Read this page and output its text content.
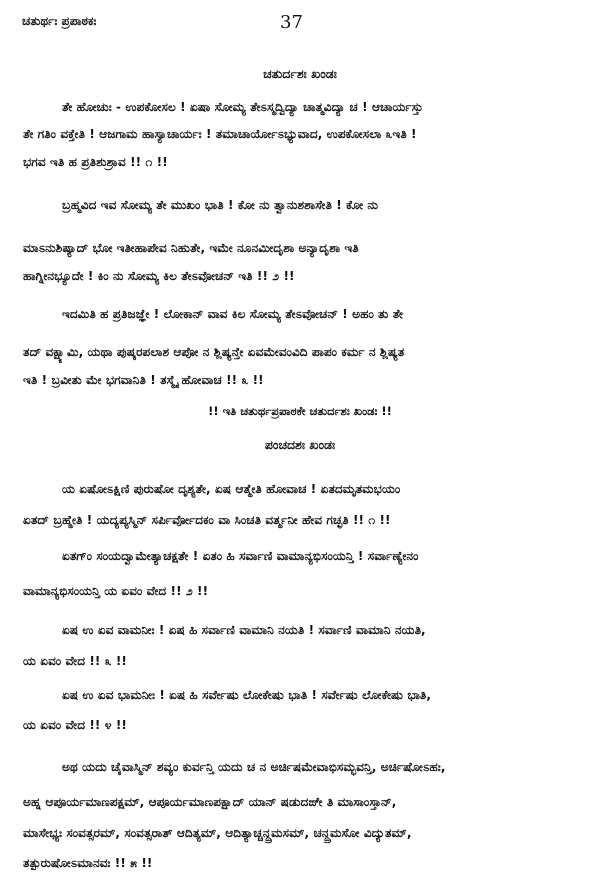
ಚತುರ್ಥಃ ಪ್ರಪಾಠಕಃ	37
ಚತುರ್ದಶಃ ಖಂಡಃ
ತೇ ಹೋಚುಃ - ಉಪಕೋಸಲ ! ಏಷಾ ಸೋಮ್ಯ ತೇಽಸ್ಮದ್ವಿದ್ಯಾ ಚಾತ್ಮವಿದ್ಯಾ ಚ ! ಆಚಾರ್ಯಸ್ತು
ತೇ ಗತಿಂ ವಕ್ತೇತಿ ! ಆಜಗಾಮ ಹಾಸ್ಯಾಚಾರ್ಯಃ ! ತಮಾಚಾರ್ಯೋಽಭ್ಯುವಾದ, ಉಪಕೋಸಲಾ ೩ಇತಿ !
ಭಗವ ಇತಿ ಹ ಪ್ರತಿಶುಶ್ರಾವ !! ೧ !!
ಬ್ರಹ್ಮವಿದ ಇವ ಸೋಮ್ಯ ತೇ ಮುಖಂ ಭಾತಿ ! ಕೋ ನು ತ್ವಾನುಶಶಾಸೇತಿ ! ಕೋ ನು
ಮಾಽನುಶಿಷ್ಯಾದ್ ಭೋ ಇತೀಹಾಪೇವ ನಿಹುತೇ, ಇಮೇ ನೂನಮೀದೃಶಾ ಅನ್ಯಾದೃಶಾ ಇತಿ
ಹಾಗ್ನೀನಭ್ಯೂದೇ ! ಕಿಂ ನು ಸೋಮ್ಯ ಕಿಲ ತೇಽವೋಚನ್ ಇತಿ !! ೨ !!
ಇದಮಿತಿ ಹ ಪ್ರತಿಜಜ್ಞೇ ! ಲೋಕಾನ್ ವಾವ ಕಿಲ ಸೋಮ್ಯ ತೇಽವೋಚನ್ ! ಅಹಂ ತು ತೇ
ತದ್ ವಕ್ಷ್ಯಾಮಿ, ಯಥಾ ಪುಷ್ಕರಪಲಾಶ ಆಪೋ ನ ಶ್ಲಿಷ್ಯನ್ತೇ ಏವಮೇವಂವಿದಿ ಪಾಪಂ ಕರ್ಮ ನ ಶ್ಲಿಷ್ಯತ
ಇತಿ ! ಬ್ರವೀತು ಮೇ ಭಗವಾನಿತಿ ! ತಸ್ಮೈ ಹೋವಾಚ !! ೩ !!
!! ಇತಿ ಚತುರ್ಥಪ್ರಪಾಠಕೇ ಚತುರ್ದಶಃ ಖಂಡಃ !!
ಪಂಚದಶಃ ಖಂಡಃ
ಯ ಏಷೋಽಕ್ಷಿಣಿ ಪುರುಷೋ ದೃಶ್ಯತೇ, ಏಷ ಆತ್ಮೇತಿ ಹೋವಾಚ ! ಏತದಮೃತಮಭಯಂ
ಏತದ್ ಬ್ರಹ್ಮೇತಿ ! ಯದ್ಯಪ್ಯಸ್ಮಿನ್ ಸರ್ಪಿರ್ವೋದಕಂ ವಾ ಸಿಂಚತಿ ವರ್ತ್ಮನೀ ಹೇವ ಗಚ್ಛತಿ !! ೧ !!
ಏತಗ್ಂ ಸಂಯದ್ವಾಮೇತ್ಯಾಚಕ್ಷತೇ ! ಏತಂ ಹಿ ಸರ್ವಾಣಿ ವಾಮಾನ್ಯಭಿಸಂಯನ್ತಿ ! ಸರ್ವಾಣ್ಯೇನಂ
ವಾಮಾನ್ಯಭಿಸಂಯನ್ತಿ ಯ ಏವಂ ವೇದ !! ೨ !!
ಏಷ ಉ ಏವ ವಾಮನೀಃ ! ಏಷ ಹಿ ಸರ್ವಾಣಿ ವಾಮಾನಿ ನಯತಿ ! ಸರ್ವಾಣಿ ವಾಮಾನಿ ನಯತಿ,
ಯ ಏವಂ ವೇದ !! ೩ !!
ಏಷ ಉ ಏವ ಭಾಮನೀಃ ! ಏಷ ಹಿ ಸರ್ವೇಷು ಲೋಕೇಷು ಭಾತಿ ! ಸರ್ವೇಷು ಲೋಕೇಷು ಭಾತಿ,
ಯ ಏವಂ ವೇದ !! ೪ !!
ಅಥ ಯದು ಚೈವಾಸ್ಮಿನ್ ಶವ್ಯಂ ಕುರ್ವನ್ತಿ ಯದು ಚ ನ ಅರ್ಚಿಷಮೇವಾಭಿಸಮ್ಭವನ್ತಿ, ಅರ್ಚಿಷೋಽಹಃ,
ಅಹ್ನ ಆಪೂರ್ಯಮಾಣಪಕ್ಷಮ್, ಆಪೂರ್ಯಮಾಣಪಕ್ಷಾದ್ ಯಾನ್ ಷಡುದಙೇ ತಿ ಮಾಸಾಂಸ್ತಾನ್,
ಮಾಸೇಭ್ಯಃ ಸಂವತ್ಸರಮ್, ಸಂವತ್ಸರಾತ್ ಆದಿತ್ಯಮ್, ಆದಿತ್ಯಾಚ್ಚನ್ದ್ರಮಸಮ್, ಚನ್ದ್ರಮಸೋ ವಿದ್ಯುತಮ್,
ತತ್ಪುರುಷೋಽಮಾನವಃ !! ೫ !!
